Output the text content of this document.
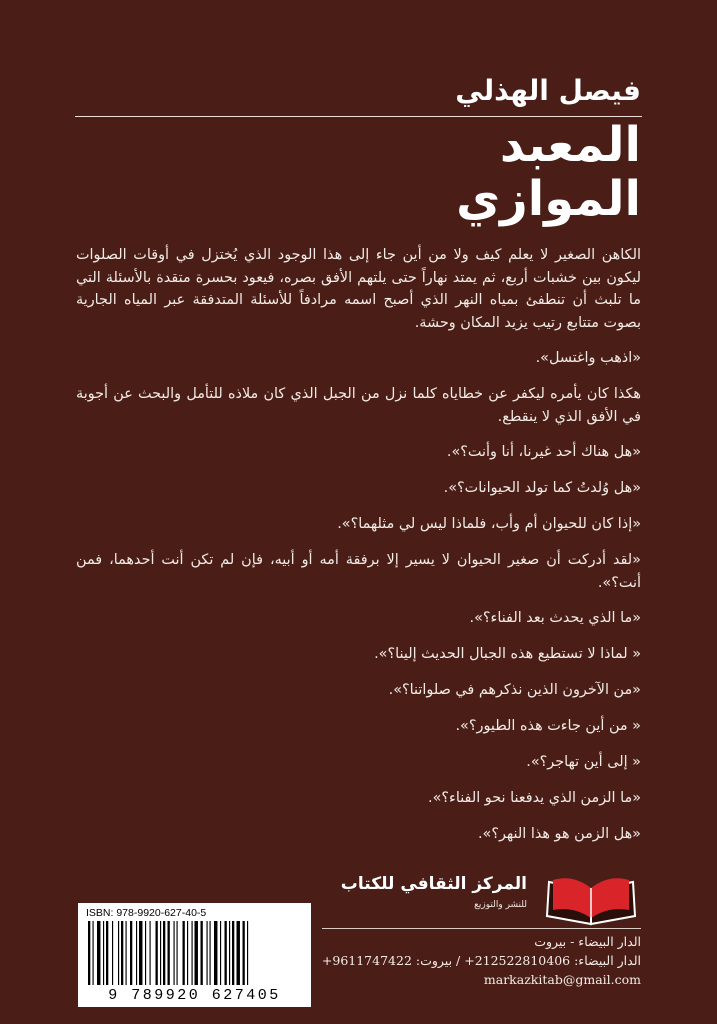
فيصل الهذلي
المعبد
الموازي

الكاهن الصغير لا يعلم كيف ولا من أين جاء إلى هذا الوجود الذي يُختزل في أوقات الصلوات ليكون بين خشبات أربع، ثم يمتد نهاراً حتى يلتهم الأفق بصره، فيعود بحسرة متقدة بالأسئلة التي ما تلبث أن تنطفئ بمياه النهر الذي أصبح اسمه مرادفاً للأسئلة المتدفقة عبر المياه الجارية بصوت متتابع رتيب يزيد المكان وحشة.

«اذهب واغتسل».

هكذا كان يأمره ليكفر عن خطاياه كلما نزل من الجبل الذي كان ملاذه للتأمل والبحث عن أجوبة في الأفق الذي لا ينقطع.

«هل هناك أحد غيرنا، أنا وأنت؟».

«هل وُلدتُ كما تولد الحيوانات؟».

«إذا كان للحيوان أم وأب، فلماذا ليس لي مثلهما؟».

«لقد أدركت أن صغير الحيوان لا يسير إلا برفقة أمه أو أبيه، فإن لم تكن أنت أحدهما، فمن أنت؟».

«ما الذي يحدث بعد الفناء؟».

« لماذا لا تستطيع هذه الجبال الحديث إلينا؟».

«من الآخرون الذين نذكرهم في صلواتنا؟».

« من أين جاءت هذه الطيور؟».

« إلى أين تهاجر؟».

«ما الزمن الذي يدفعنا نحو الفناء؟».

«هل الزمن هو هذا النهر؟».

المركز الثقافي للكتاب
للنشر والتوزيع
الدار البيضاء - بيروت
الدار البيضاء: 212522810406+ / بيروت: 9611747422+
markazkitab@gmail.com
ISBN: 978-9920-627-40-5
9 789920 627405
